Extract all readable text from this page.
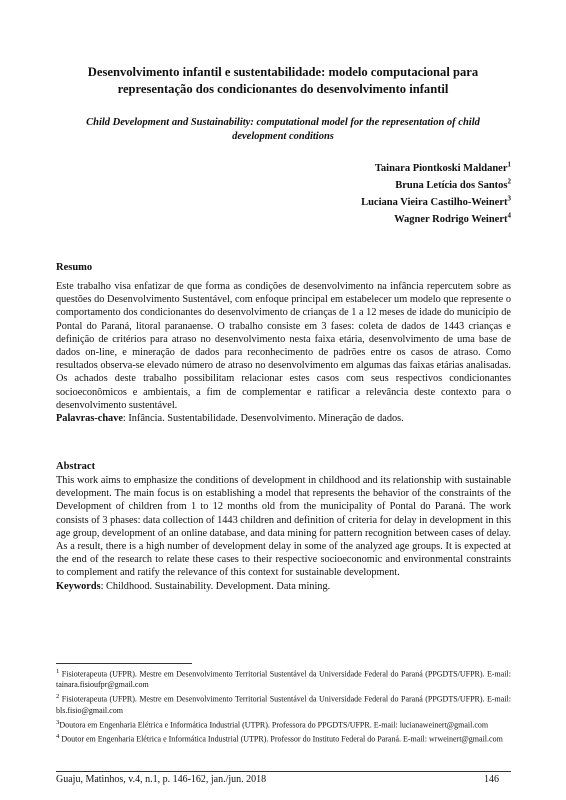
Desenvolvimento infantil e sustentabilidade: modelo computacional para
representação dos condicionantes do desenvolvimento infantil
Child Development and Sustainability: computational model for the representation of child
development conditions
Tainara Piontkoski Maldaner$^1$
Bruna Letícia dos Santos$^2$
Luciana Vieira Castilho-Weinert$^3$
Wagner Rodrigo Weinert$^4$
Resumo

Este trabalho visa enfatizar de que forma as condições de desenvolvimento na infância repercutem sobre as questões do Desenvolvimento Sustentável, com enfoque principal em estabelecer um modelo que represente o comportamento dos condicionantes do desenvolvimento de crianças de 1 a 12 meses de idade do município de Pontal do Paraná, litoral paranaense. O trabalho consiste em 3 fases: coleta de dados de 1443 crianças e definição de critérios para atraso no desenvolvimento nesta faixa etária, desenvolvimento de uma base de dados on-line, e mineração de dados para reconhecimento de padrões entre os casos de atraso. Como resultados observa-se elevado número de atraso no desenvolvimento em algumas das faixas etárias analisadas. Os achados deste trabalho possibilitam relacionar estes casos com seus respectivos condicionantes socioeconômicos e ambientais, a fim de complementar e ratificar a relevância deste contexto para o desenvolvimento sustentável.
Palavras-chave: Infância. Sustentabilidade. Desenvolvimento. Mineração de dados.

Abstract

This work aims to emphasize the conditions of development in childhood and its relationship with sustainable development. The main focus is on establishing a model that represents the behavior of the constraints of the Development of children from 1 to 12 months old from the municipality of Pontal do Paraná. The work consists of 3 phases: data collection of 1443 children and definition of criteria for delay in development in this age group, development of an online database, and data mining for pattern recognition between cases of delay. As a result, there is a high number of development delay in some of the analyzed age groups. It is expected at the end of the research to relate these cases to their respective socioeconomic and environmental constraints to complement and ratify the relevance of this context for sustainable development.
Keywords: Childhood. Sustainability. Development. Data mining.

$^1$ Fisioterapeuta (UFPR). Mestre em Desenvolvimento Territorial Sustentável da Universidade Federal do Paraná (PPGDTS/UFPR). E-mail: tainara.fisioufpr@gmail.com

$^2$ Fisioterapeuta (UFPR). Mestre em Desenvolvimento Territorial Sustentável da Universidade Federal do Paraná (PPGDTS/UFPR). E-mail: bls.fisio@gmail.com

$^3$Doutora em Engenharia Elétrica e Informática Industrial (UTPR). Professora do PPGDTS/UFPR. E-mail: lucianaweinert@gmail.com

$^4$ Doutor em Engenharia Elétrica e Informática Industrial (UTPR). Professor do Instituto Federal do Paraná. E-mail: wrweinert@gmail.com

Guaju, Matinhos, v.4, n.1, p. 146-162, jan./jun. 2018	146
